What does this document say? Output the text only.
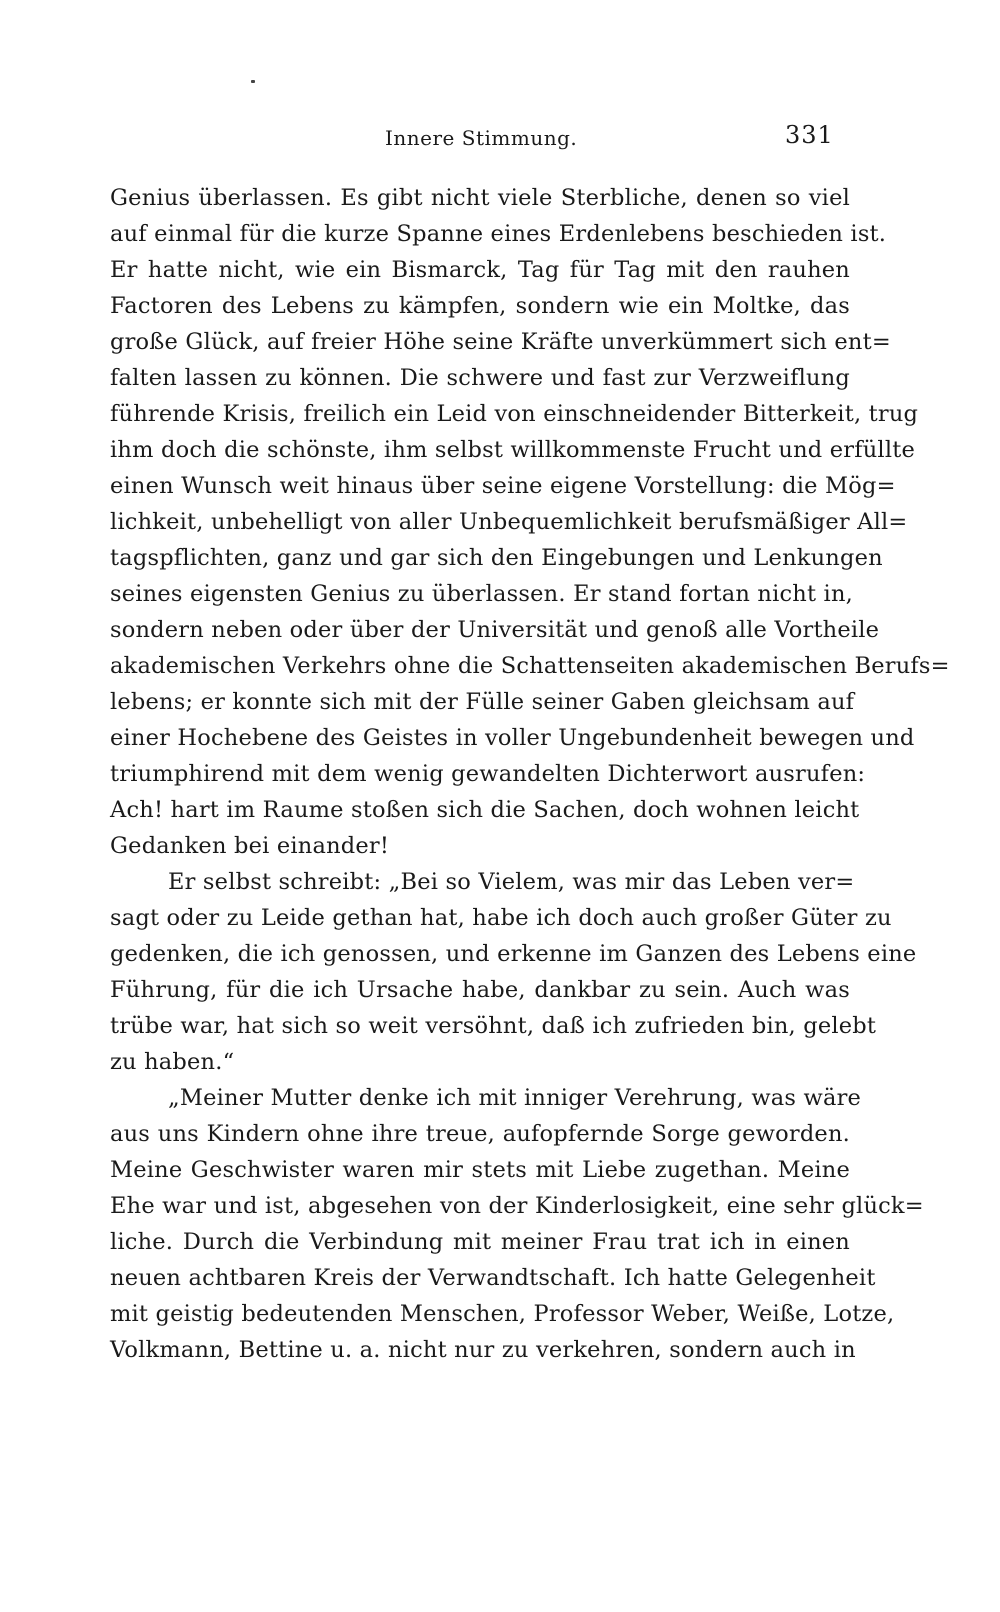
Innere Stimmung.	331
Genius überlassen. Es gibt nicht viele Sterbliche, denen so viel
auf einmal für die kurze Spanne eines Erdenlebens beschieden ist.
Er hatte nicht, wie ein Bismarck, Tag für Tag mit den rauhen
Factoren des Lebens zu kämpfen, sondern wie ein Moltke, das
große Glück, auf freier Höhe seine Kräfte unverkümmert sich ent=
falten lassen zu können. Die schwere und fast zur Verzweiflung
führende Krisis, freilich ein Leid von einschneidender Bitterkeit, trug
ihm doch die schönste, ihm selbst willkommenste Frucht und erfüllte
einen Wunsch weit hinaus über seine eigene Vorstellung: die Mög=
lichkeit, unbehelligt von aller Unbequemlichkeit berufsmäßiger All=
tagspflichten, ganz und gar sich den Eingebungen und Lenkungen
seines eigensten Genius zu überlassen. Er stand fortan nicht in,
sondern neben oder über der Universität und genoß alle Vortheile
akademischen Verkehrs ohne die Schattenseiten akademischen Berufs=
lebens; er konnte sich mit der Fülle seiner Gaben gleichsam auf
einer Hochebene des Geistes in voller Ungebundenheit bewegen und
triumphirend mit dem wenig gewandelten Dichterwort ausrufen:
Ach! hart im Raume stoßen sich die Sachen, doch wohnen leicht
Gedanken bei einander!
Er selbst schreibt: „Bei so Vielem, was mir das Leben ver=
sagt oder zu Leide gethan hat, habe ich doch auch großer Güter zu
gedenken, die ich genossen, und erkenne im Ganzen des Lebens eine
Führung, für die ich Ursache habe, dankbar zu sein. Auch was
trübe war, hat sich so weit versöhnt, daß ich zufrieden bin, gelebt
zu haben.“
„Meiner Mutter denke ich mit inniger Verehrung, was wäre
aus uns Kindern ohne ihre treue, aufopfernde Sorge geworden.
Meine Geschwister waren mir stets mit Liebe zugethan. Meine
Ehe war und ist, abgesehen von der Kinderlosigkeit, eine sehr glück=
liche. Durch die Verbindung mit meiner Frau trat ich in einen
neuen achtbaren Kreis der Verwandtschaft. Ich hatte Gelegenheit
mit geistig bedeutenden Menschen, Professor Weber, Weiße, Lotze,
Volkmann, Bettine u. a. nicht nur zu verkehren, sondern auch in
